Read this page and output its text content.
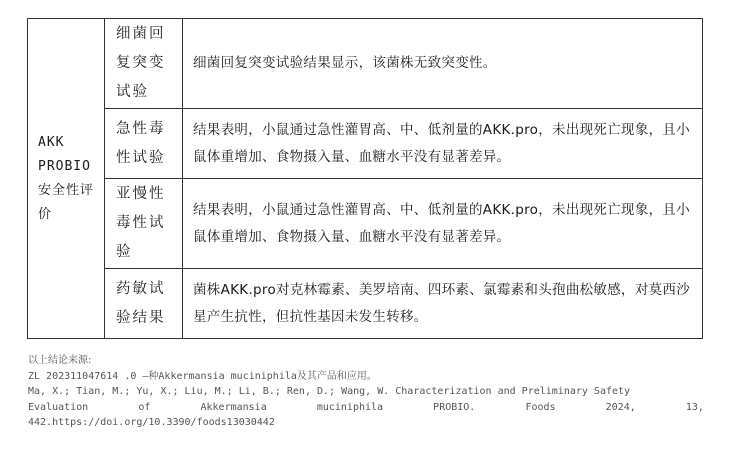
AKK PROBIO安全性评价	细菌回复突变试验	细菌回复突变试验结果显示，该菌株无致突变性。
	急性毒性试验	结果表明，小鼠通过急性灌胃高、中、低剂量的AKK.pro，未出现死亡现象，且小鼠体重增加、食物摄入量、血糖水平没有显著差异。
	亚慢性毒性试验	结果表明，小鼠通过急性灌胃高、中、低剂量的AKK.pro，未出现死亡现象，且小鼠体重增加、食物摄入量、血糖水平没有显著差异。
	药敏试验结果	菌株AKK.pro对克林霉素、美罗培南、四环素、氯霉素和头孢曲松敏感，对莫西沙星产生抗性，但抗性基因未发生转移。
以上结论来源:
ZL 202311047614 .0 —种Akkermansia muciniphila及其产品和应用。
Ma, X.; Tian, M.; Yu, X.; Liu, M.; Li, B.; Ren, D.; Wang, W. Characterization and Preliminary Safety
Evaluation	of	Akkermansia	muciniphila	PROBIO.	Foods	2024,	13,
442.https://doi.org/10.3390/foods13030442
